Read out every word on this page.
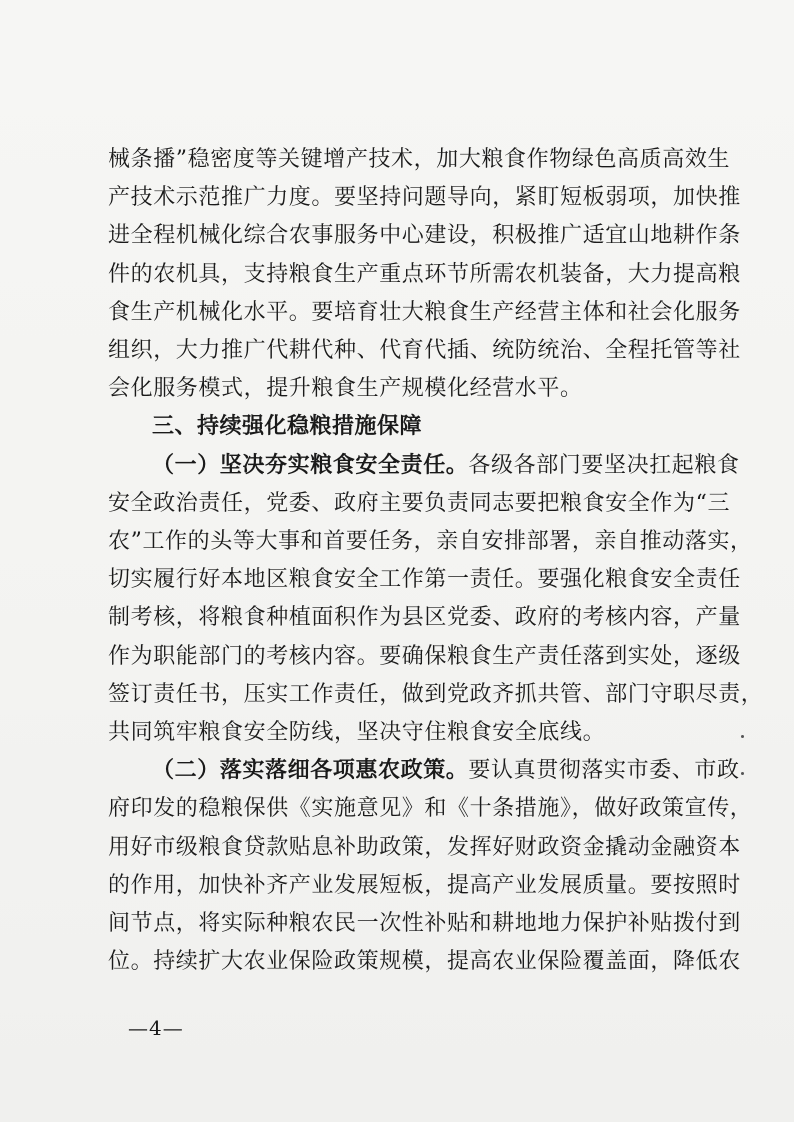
械条播”稳密度等关键增产技术，加大粮食作物绿色高质高效生
产技术示范推广力度。要坚持问题导向，紧盯短板弱项，加快推
进全程机械化综合农事服务中心建设，积极推广适宜山地耕作条
件的农机具，支持粮食生产重点环节所需农机装备，大力提高粮
食生产机械化水平。要培育壮大粮食生产经营主体和社会化服务
组织，大力推广代耕代种、代育代插、统防统治、全程托管等社
会化服务模式，提升粮食生产规模化经营水平。
三、持续强化稳粮措施保障
（一）坚决夯实粮食安全责任。各级各部门要坚决扛起粮食
安全政治责任，党委、政府主要负责同志要把粮食安全作为“三
农”工作的头等大事和首要任务，亲自安排部署，亲自推动落实，
切实履行好本地区粮食安全工作第一责任。要强化粮食安全责任
制考核，将粮食种植面积作为县区党委、政府的考核内容，产量
作为职能部门的考核内容。要确保粮食生产责任落到实处，逐级
签订责任书，压实工作责任，做到党政齐抓共管、部门守职尽责，
共同筑牢粮食安全防线，坚决守住粮食安全底线。
（二）落实落细各项惠农政策。要认真贯彻落实市委、市政
府印发的稳粮保供《实施意见》和《十条措施》，做好政策宣传，
用好市级粮食贷款贴息补助政策，发挥好财政资金撬动金融资本
的作用，加快补齐产业发展短板，提高产业发展质量。要按照时
间节点，将实际种粮农民一次性补贴和耕地地力保护补贴拨付到
位。持续扩大农业保险政策规模，提高农业保险覆盖面，降低农
—4—
